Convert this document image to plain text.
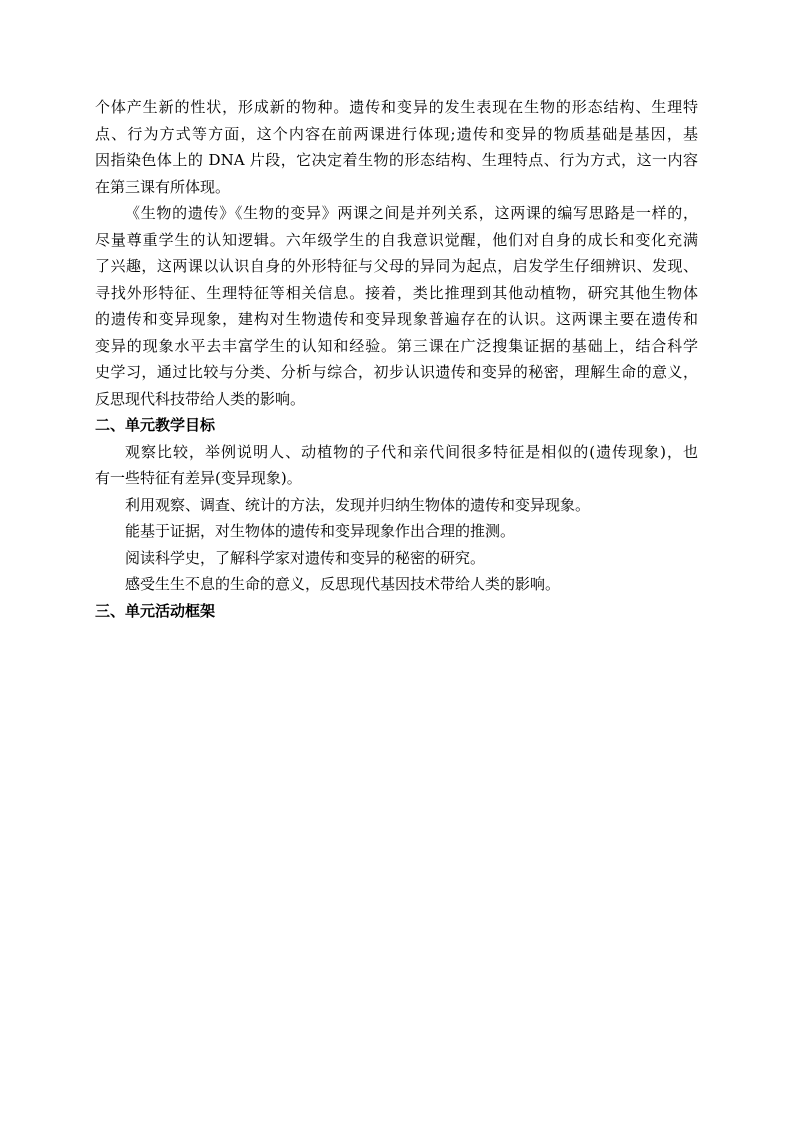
个体产生新的性状，形成新的物种。遗传和变异的发生表现在生物的形态结构、生理特

点、行为方式等方面，这个内容在前两课进行体现;遗传和变异的物质基础是基因，基

因指染色体上的 DNA 片段，它决定着生物的形态结构、生理特点、行为方式，这一内容

在第三课有所体现。

《生物的遗传》《生物的变异》两课之间是并列关系，这两课的编写思路是一样的，

尽量尊重学生的认知逻辑。六年级学生的自我意识觉醒，他们对自身的成长和变化充满

了兴趣，这两课以认识自身的外形特征与父母的异同为起点，启发学生仔细辨识、发现、

寻找外形特征、生理特征等相关信息。接着，类比推理到其他动植物，研究其他生物体

的遗传和变异现象，建构对生物遗传和变异现象普遍存在的认识。这两课主要在遗传和

变异的现象水平去丰富学生的认知和经验。第三课在广泛搜集证据的基础上，结合科学

史学习，通过比较与分类、分析与综合，初步认识遗传和变异的秘密，理解生命的意义，

反思现代科技带给人类的影响。

二、单元教学目标

观察比较，举例说明人、动植物的子代和亲代间很多特征是相似的(遗传现象)，也

有一些特征有差异(变异现象)。

利用观察、调查、统计的方法，发现并归纳生物体的遗传和变异现象。

能基于证据，对生物体的遗传和变异现象作出合理的推测。

阅读科学史，了解科学家对遗传和变异的秘密的研究。

感受生生不息的生命的意义，反思现代基因技术带给人类的影响。

三、单元活动框架
